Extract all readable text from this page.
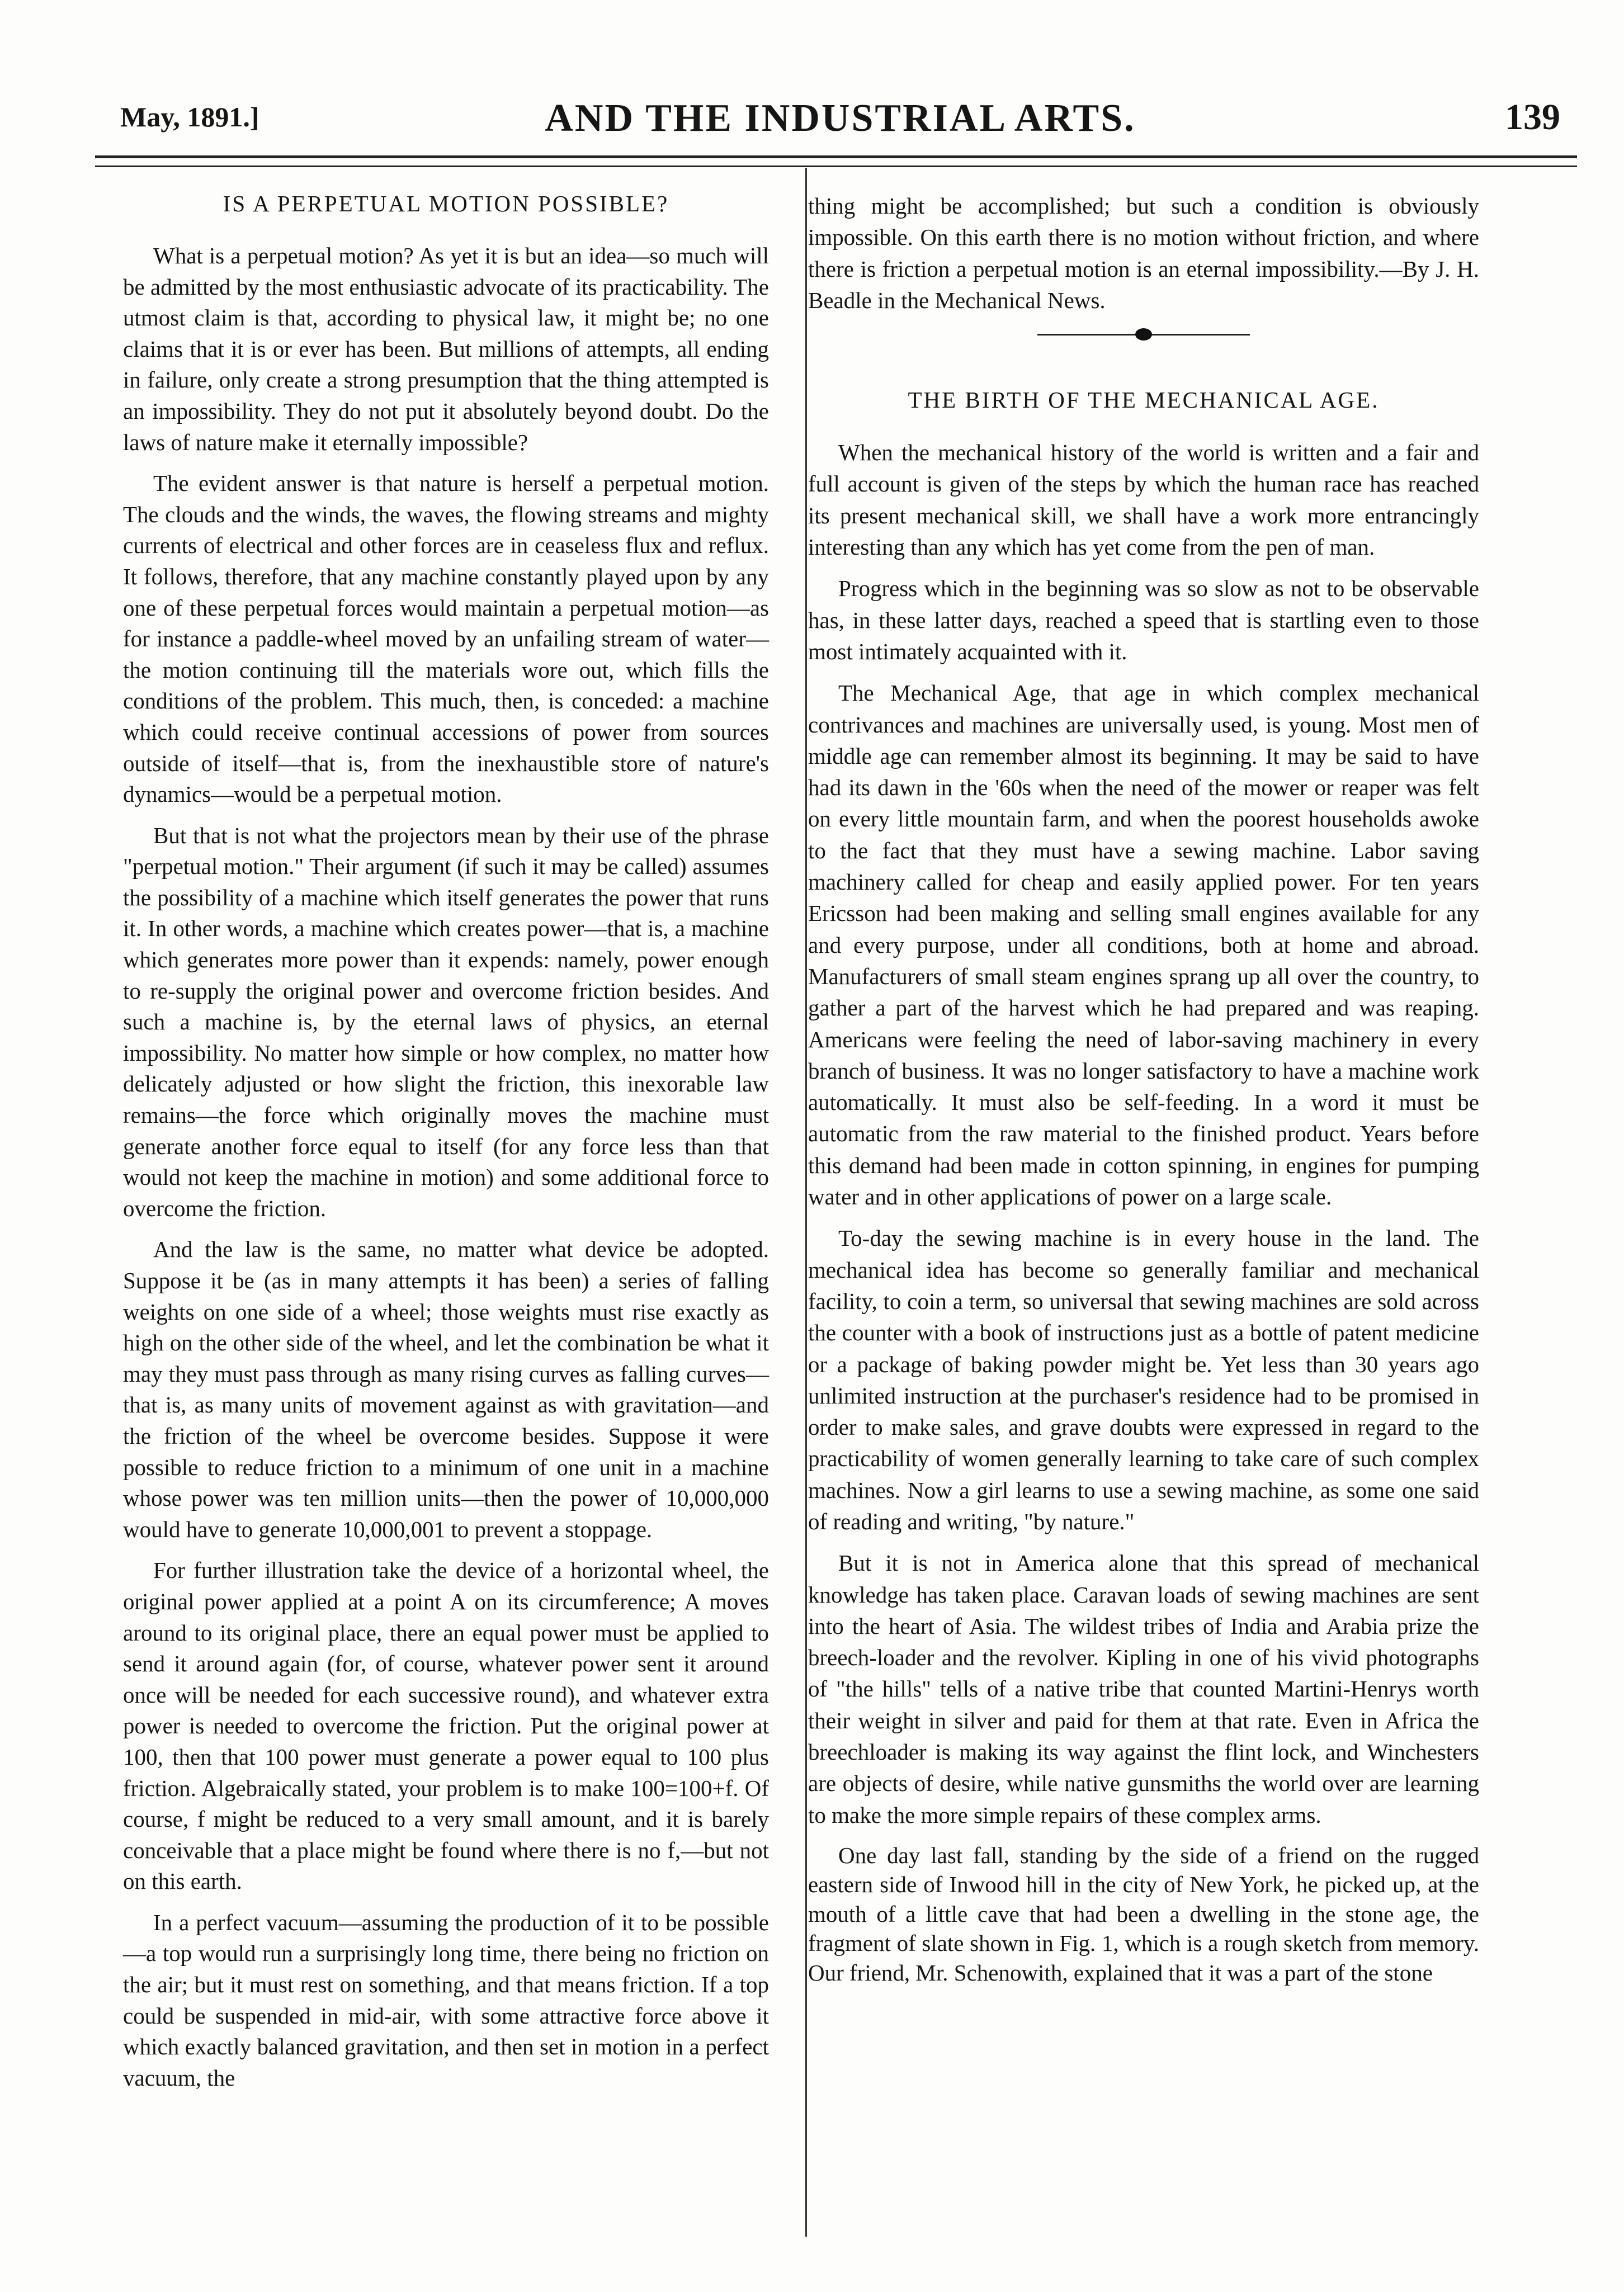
May, 1891.]	AND THE INDUSTRIAL ARTS.	139
IS A PERPETUAL MOTION POSSIBLE?

What is a perpetual motion? As yet it is but an idea—so much will be admitted by the most enthusiastic advocate of its practicability. The utmost claim is that, according to physical law, it might be; no one claims that it is or ever has been. But millions of attempts, all ending in failure, only create a strong presumption that the thing attempted is an impossibility. They do not put it absolutely beyond doubt. Do the laws of nature make it eternally impossible?

The evident answer is that nature is herself a perpetual motion. The clouds and the winds, the waves, the flowing streams and mighty currents of electrical and other forces are in ceaseless flux and reflux. It follows, therefore, that any machine constantly played upon by any one of these perpetual forces would maintain a perpetual motion—as for instance a paddle-wheel moved by an unfailing stream of water—the motion continuing till the materials wore out, which fills the conditions of the problem. This much, then, is conceded: a machine which could receive continual accessions of power from sources outside of itself—that is, from the inexhaustible store of nature's dynamics—would be a perpetual motion.

But that is not what the projectors mean by their use of the phrase "perpetual motion." Their argument (if such it may be called) assumes the possibility of a machine which itself generates the power that runs it. In other words, a machine which creates power—that is, a machine which generates more power than it expends: namely, power enough to re-supply the original power and overcome friction besides. And such a machine is, by the eternal laws of physics, an eternal impossibility. No matter how simple or how complex, no matter how delicately adjusted or how slight the friction, this inexorable law remains—the force which originally moves the machine must generate another force equal to itself (for any force less than that would not keep the machine in motion) and some additional force to overcome the friction.

And the law is the same, no matter what device be adopted. Suppose it be (as in many attempts it has been) a series of falling weights on one side of a wheel; those weights must rise exactly as high on the other side of the wheel, and let the combination be what it may they must pass through as many rising curves as falling curves—that is, as many units of movement against as with gravitation—and the friction of the wheel be overcome besides. Suppose it were possible to reduce friction to a minimum of one unit in a machine whose power was ten million units—then the power of 10,000,000 would have to generate 10,000,001 to prevent a stoppage.

For further illustration take the device of a horizontal wheel, the original power applied at a point A on its circumference; A moves around to its original place, there an equal power must be applied to send it around again (for, of course, whatever power sent it around once will be needed for each successive round), and whatever extra power is needed to overcome the friction. Put the original power at 100, then that 100 power must generate a power equal to 100 plus friction. Algebraically stated, your problem is to make 100=100+f. Of course, f might be reduced to a very small amount, and it is barely conceivable that a place might be found where there is no f,—but not on this earth.

In a perfect vacuum—assuming the production of it to be possible—a top would run a surprisingly long time, there being no friction on the air; but it must rest on something, and that means friction. If a top could be suspended in mid-air, with some attractive force above it which exactly balanced gravitation, and then set in motion in a perfect vacuum, the

thing might be accomplished; but such a condition is obviously impossible. On this earth there is no motion without friction, and where there is friction a perpetual motion is an eternal impossibility.—By J. H. Beadle in the Mechanical News.

THE BIRTH OF THE MECHANICAL AGE.

When the mechanical history of the world is written and a fair and full account is given of the steps by which the human race has reached its present mechanical skill, we shall have a work more entrancingly interesting than any which has yet come from the pen of man.

Progress which in the beginning was so slow as not to be observable has, in these latter days, reached a speed that is startling even to those most intimately acquainted with it.

The Mechanical Age, that age in which complex mechanical contrivances and machines are universally used, is young. Most men of middle age can remember almost its beginning. It may be said to have had its dawn in the '60s when the need of the mower or reaper was felt on every little mountain farm, and when the poorest households awoke to the fact that they must have a sewing machine. Labor saving machinery called for cheap and easily applied power. For ten years Ericsson had been making and selling small engines available for any and every purpose, under all conditions, both at home and abroad. Manufacturers of small steam engines sprang up all over the country, to gather a part of the harvest which he had prepared and was reaping. Americans were feeling the need of labor-saving machinery in every branch of business. It was no longer satisfactory to have a machine work automatically. It must also be self-feeding. In a word it must be automatic from the raw material to the finished product. Years before this demand had been made in cotton spinning, in engines for pumping water and in other applications of power on a large scale.

To-day the sewing machine is in every house in the land. The mechanical idea has become so generally familiar and mechanical facility, to coin a term, so universal that sewing machines are sold across the counter with a book of instructions just as a bottle of patent medicine or a package of baking powder might be. Yet less than 30 years ago unlimited instruction at the purchaser's residence had to be promised in order to make sales, and grave doubts were expressed in regard to the practicability of women generally learning to take care of such complex machines. Now a girl learns to use a sewing machine, as some one said of reading and writing, "by nature."

But it is not in America alone that this spread of mechanical knowledge has taken place. Caravan loads of sewing machines are sent into the heart of Asia. The wildest tribes of India and Arabia prize the breech-loader and the revolver. Kipling in one of his vivid photographs of "the hills" tells of a native tribe that counted Martini-Henrys worth their weight in silver and paid for them at that rate. Even in Africa the breechloader is making its way against the flint lock, and Winchesters are objects of desire, while native gunsmiths the world over are learning to make the more simple repairs of these complex arms.

One day last fall, standing by the side of a friend on the rugged eastern side of Inwood hill in the city of New York, he picked up, at the mouth of a little cave that had been a dwelling in the stone age, the fragment of slate shown in Fig. 1, which is a rough sketch from memory. Our friend, Mr. Schenowith, explained that it was a part of the stone
